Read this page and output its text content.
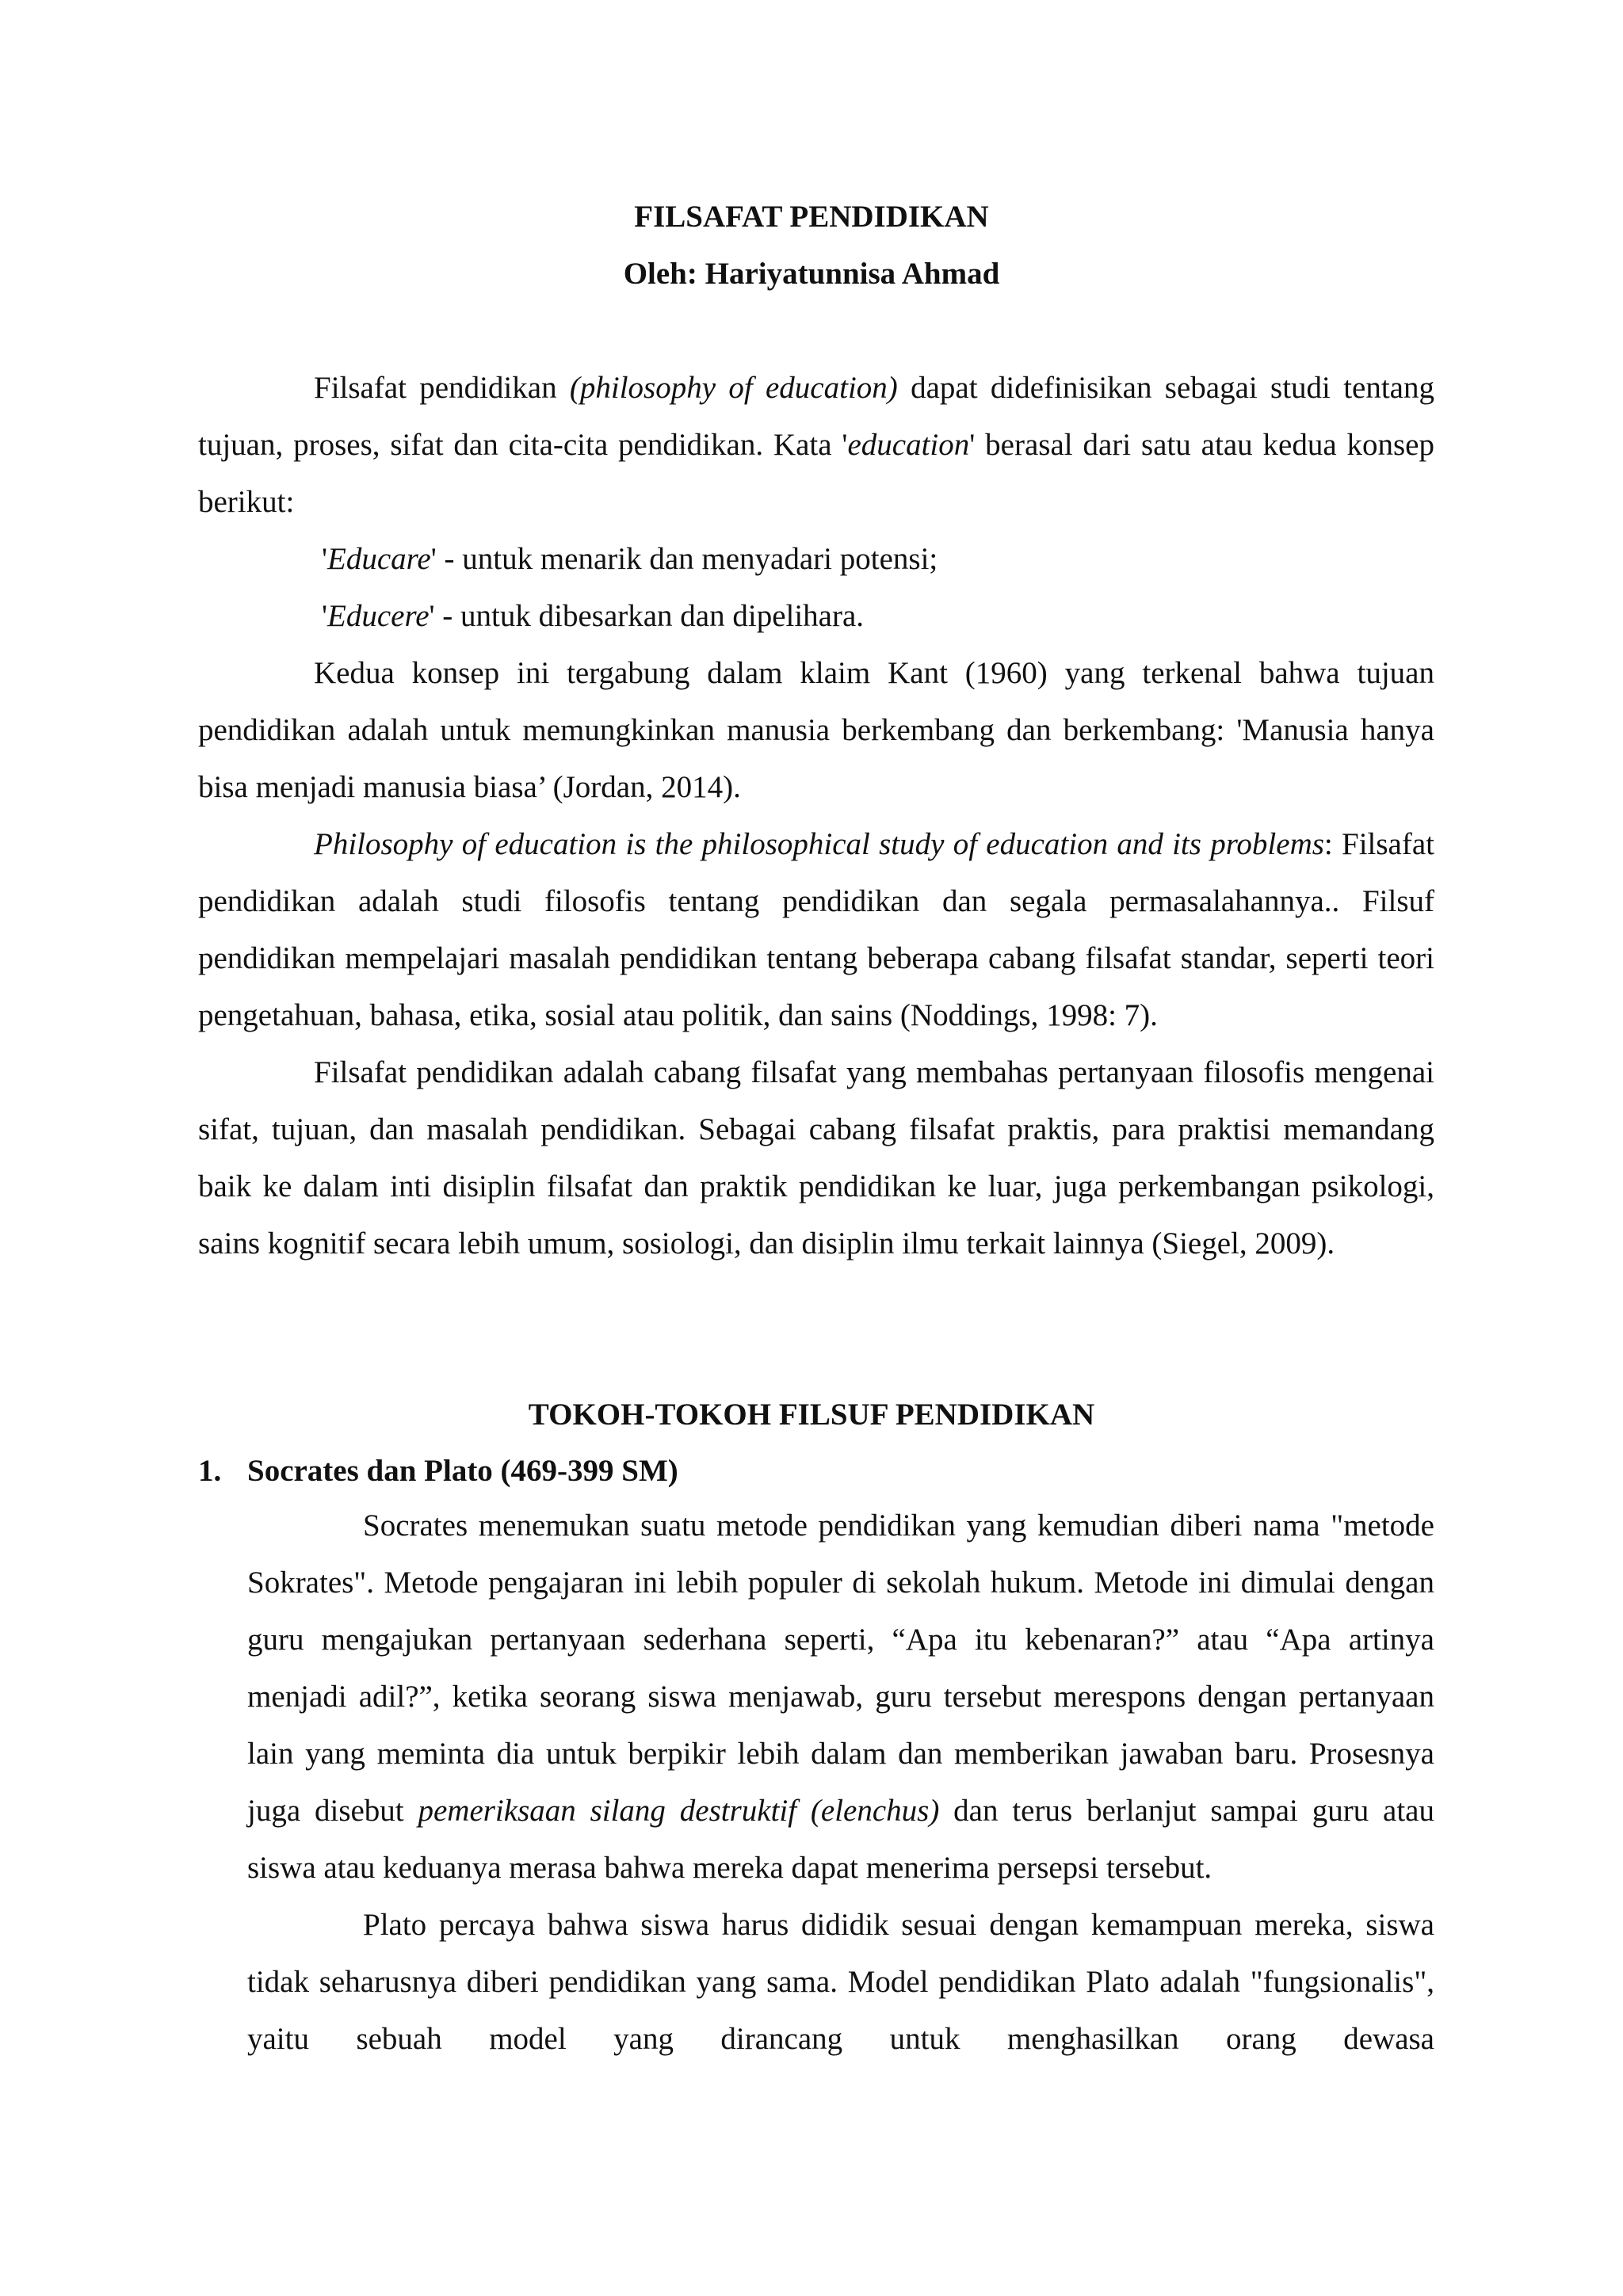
FILSAFAT PENDIDIKAN
Oleh: Hariyatunnisa Ahmad

Filsafat pendidikan (philosophy of education) dapat didefinisikan sebagai studi tentang tujuan, proses, sifat dan cita-cita pendidikan. Kata 'education' berasal dari satu atau kedua konsep berikut:

'Educare' - untuk menarik dan menyadari potensi;

'Educere' - untuk dibesarkan dan dipelihara.

Kedua konsep ini tergabung dalam klaim Kant (1960) yang terkenal bahwa tujuan pendidikan adalah untuk memungkinkan manusia berkembang dan berkembang: 'Manusia hanya bisa menjadi manusia biasa’ (Jordan, 2014).

Philosophy of education is the philosophical study of education and its problems: Filsafat pendidikan adalah studi filosofis tentang pendidikan dan segala permasalahannya.. Filsuf pendidikan mempelajari masalah pendidikan tentang beberapa cabang filsafat standar, seperti teori pengetahuan, bahasa, etika, sosial atau politik, dan sains (Noddings, 1998: 7).

Filsafat pendidikan adalah cabang filsafat yang membahas pertanyaan filosofis mengenai sifat, tujuan, dan masalah pendidikan. Sebagai cabang filsafat praktis, para praktisi memandang baik ke dalam inti disiplin filsafat dan praktik pendidikan ke luar, juga perkembangan psikologi, sains kognitif secara lebih umum, sosiologi, dan disiplin ilmu terkait lainnya (Siegel, 2009).

TOKOH-TOKOH FILSUF PENDIDIKAN
1. Socrates dan Plato (469-399 SM)

Socrates menemukan suatu metode pendidikan yang kemudian diberi nama "metode Sokrates". Metode pengajaran ini lebih populer di sekolah hukum. Metode ini dimulai dengan guru mengajukan pertanyaan sederhana seperti, “Apa itu kebenaran?” atau “Apa artinya menjadi adil?”, ketika seorang siswa menjawab, guru tersebut merespons dengan pertanyaan lain yang meminta dia untuk berpikir lebih dalam dan memberikan jawaban baru. Prosesnya juga disebut pemeriksaan silang destruktif (elenchus) dan terus berlanjut sampai guru atau siswa atau keduanya merasa bahwa mereka dapat menerima persepsi tersebut.

Plato percaya bahwa siswa harus dididik sesuai dengan kemampuan mereka, siswa tidak seharusnya diberi pendidikan yang sama. Model pendidikan Plato adalah "fungsionalis", yaitu sebuah model yang dirancang untuk menghasilkan orang dewasa
